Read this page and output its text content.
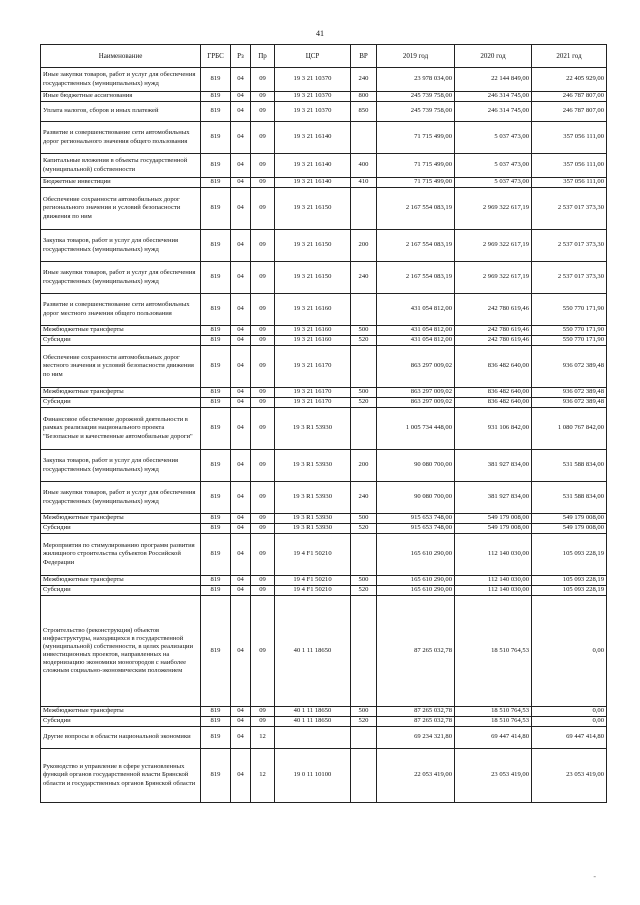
41
Наименование	ГРБС	Рз	Пр	ЦСР	ВР	2019 год	2020 год	2021 год
Иные закупки товаров, работ и услуг для обеспечения государственных (муниципальных) нужд	819	04	09	19 3 21 10370	240	23 978 034,00	22 144 849,00	22 405 929,00
Иные бюджетные ассигнования	819	04	09	19 3 21 10370	800	245 739 758,00	246 314 745,00	246 787 807,00
Уплата налогов, сборов и иных платежей	819	04	09	19 3 21 10370	850	245 739 758,00	246 314 745,00	246 787 807,00
Развитие и совершенствование сети автомобильных дорог регионального значения общего пользования	819	04	09	19 3 21 16140		71 715 499,00	5 037 473,00	357 056 111,00
Капитальные вложения в объекты государственной (муниципальной) собственности	819	04	09	19 3 21 16140	400	71 715 499,00	5 037 473,00	357 056 111,00
Бюджетные инвестиции	819	04	09	19 3 21 16140	410	71 715 499,00	5 037 473,00	357 056 111,00
Обеспечение сохранности автомобильных дорог регионального значения и условий безопасности движения по ним	819	04	09	19 3 21 16150		2 167 554 083,19	2 969 322 617,19	2 537 017 373,30
Закупка товаров, работ и услуг для обеспечения государственных (муниципальных) нужд	819	04	09	19 3 21 16150	200	2 167 554 083,19	2 969 322 617,19	2 537 017 373,30
Иные закупки товаров, работ и услуг для обеспечения государственных (муниципальных) нужд	819	04	09	19 3 21 16150	240	2 167 554 083,19	2 969 322 617,19	2 537 017 373,30
Развитие и совершенствование сети автомобильных дорог местного значения общего пользования	819	04	09	19 3 21 16160		431 054 812,00	242 780 619,46	550 770 171,90
Межбюджетные трансферты	819	04	09	19 3 21 16160	500	431 054 812,00	242 780 619,46	550 770 171,90
Субсидии	819	04	09	19 3 21 16160	520	431 054 812,00	242 780 619,46	550 770 171,90
Обеспечение сохранности автомобильных дорог местного значения и условий безопасности движения по ним	819	04	09	19 3 21 16170		863 297 009,02	836 482 640,00	936 072 389,48
Межбюджетные трансферты	819	04	09	19 3 21 16170	500	863 297 009,02	836 482 640,00	936 072 389,48
Субсидии	819	04	09	19 3 21 16170	520	863 297 009,02	836 482 640,00	936 072 389,48
Финансовое обеспечение дорожной деятельности в рамках реализации национального проекта "Безопасные и качественные автомобильные дороги"	819	04	09	19 3 R1 53930		1 005 734 448,00	931 106 842,00	1 080 767 842,00
Закупка товаров, работ и услуг для обеспечения государственных (муниципальных) нужд	819	04	09	19 3 R1 53930	200	90 080 700,00	381 927 834,00	531 588 834,00
Иные закупки товаров, работ и услуг для обеспечения государственных (муниципальных) нужд	819	04	09	19 3 R1 53930	240	90 080 700,00	381 927 834,00	531 588 834,00
Межбюджетные трансферты	819	04	09	19 3 R1 53930	500	915 653 748,00	549 179 008,00	549 179 008,00
Субсидии	819	04	09	19 3 R1 53930	520	915 653 748,00	549 179 008,00	549 179 008,00
Мероприятия по стимулированию программ развития жилищного строительства субъектов Российской Федерации	819	04	09	19 4 F1 50210		165 610 290,00	112 140 030,00	105 093 228,19
Межбюджетные трансферты	819	04	09	19 4 F1 50210	500	165 610 290,00	112 140 030,00	105 093 228,19
Субсидии	819	04	09	19 4 F1 50210	520	165 610 290,00	112 140 030,00	105 093 228,19
Строительство (реконструкция) объектов инфраструктуры, находящихся в государственной (муниципальной) собственности, в целях реализации инвестиционных проектов, направленных на модернизацию экономики моногородов с наиболее сложным социально-экономическим положением	819	04	09	40 1 11 18650		87 265 032,78	18 510 764,53	0,00
Межбюджетные трансферты	819	04	09	40 1 11 18650	500	87 265 032,78	18 510 764,53	0,00
Субсидии	819	04	09	40 1 11 18650	520	87 265 032,78	18 510 764,53	0,00
Другие вопросы в области национальной экономики	819	04	12			69 234 321,80	69 447 414,80	69 447 414,80
Руководство и управление в сфере установленных функций органов государственной власти Брянской области и государственных органов Брянской области	819	04	12	19 0 11 10100		22 053 419,00	23 053 419,00	23 053 419,00
-
